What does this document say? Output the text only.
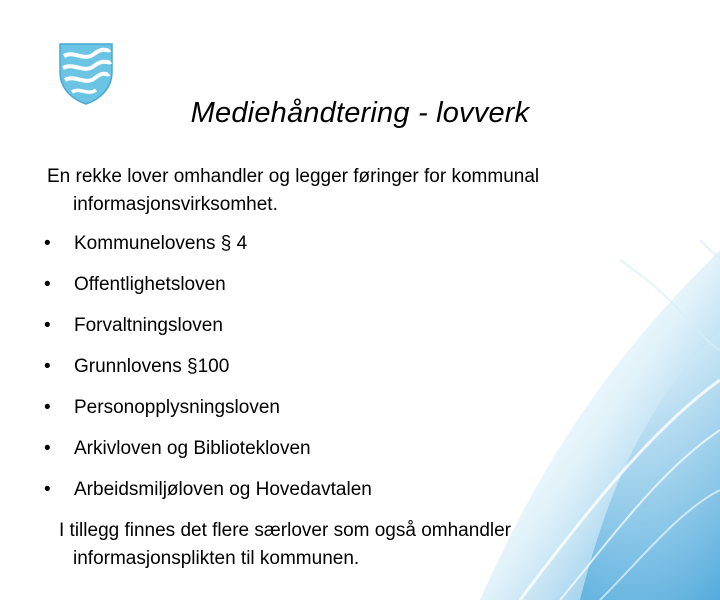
Mediehåndtering - lovverk
En rekke lover omhandler og legger føringer for kommunal
informasjonsvirksomhet.
•	Kommunelovens § 4
•	Offentlighetsloven
•	Forvaltningsloven
•	Grunnlovens §100
•	Personopplysningsloven
•	Arkivloven og Bibliotekloven
•	Arbeidsmiljøloven og Hovedavtalen
I tillegg finnes det flere særlover som også omhandler
informasjonsplikten til kommunen.
